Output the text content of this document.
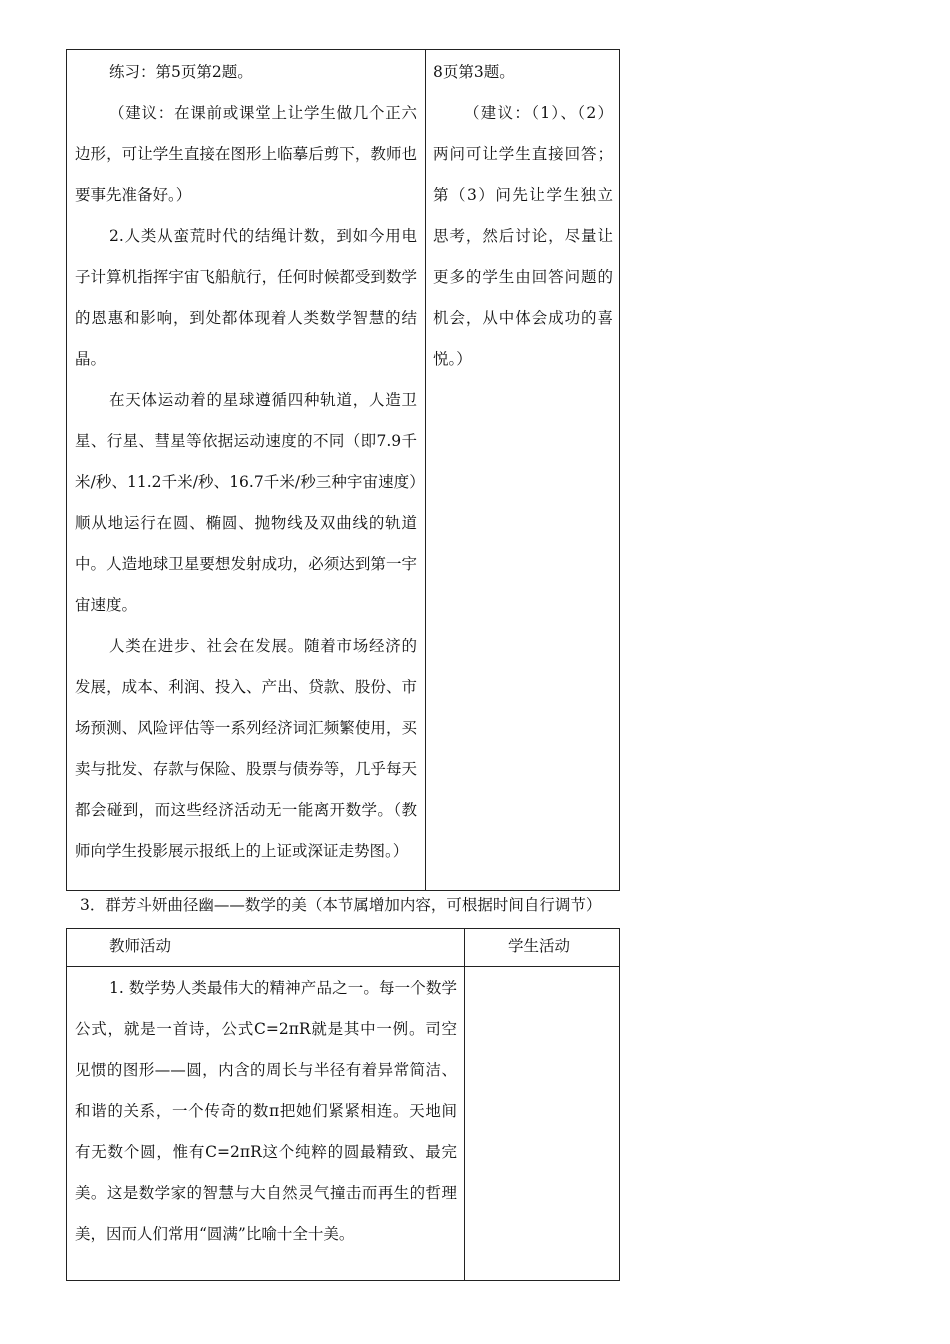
练习：第5页第2题。

（建议：在课前或课堂上让学生做几个正六边形，可让学生直接在图形上临摹后剪下，教师也要事先准备好。）

2.人类从蛮荒时代的结绳计数，到如今用电子计算机指挥宇宙飞船航行，任何时候都受到数学的恩惠和影响，到处都体现着人类数学智慧的结晶。

在天体运动着的星球遵循四种轨道，人造卫星、行星、彗星等依据运动速度的不同（即7.9千米/秒、11.2千米/秒、16.7千米/秒三种宇宙速度）顺从地运行在圆、椭圆、抛物线及双曲线的轨道中。人造地球卫星要想发射成功，必须达到第一宇宙速度。

人类在进步、社会在发展。随着市场经济的发展，成本、利润、投入、产出、贷款、股份、市场预测、风险评估等一系列经济词汇频繁使用，买卖与批发、存款与保险、股票与债券等，几乎每天都会碰到，而这些经济活动无一能离开数学。（教师向学生投影展示报纸上的上证或深证走势图。）

8页第3题。

（建议：（1）、（2）两问可让学生直接回答；第（3）问先让学生独立思考，然后讨论，尽量让更多的学生由回答问题的机会，从中体会成功的喜悦。）

3．群芳斗妍曲径幽——数学的美（本节属增加内容，可根据时间自行调节）
教师活动	学生活动

1. 数学势人类最伟大的精神产品之一。每一个数学公式，就是一首诗，公式C=2πR就是其中一例。司空见惯的图形——圆，内含的周长与半径有着异常简洁、和谐的关系，一个传奇的数π把她们紧紧相连。天地间有无数个圆，惟有C=2πR这个纯粹的圆最精致、最完美。这是数学家的智慧与大自然灵气撞击而再生的哲理美，因而人们常用“圆满”比喻十全十美。
